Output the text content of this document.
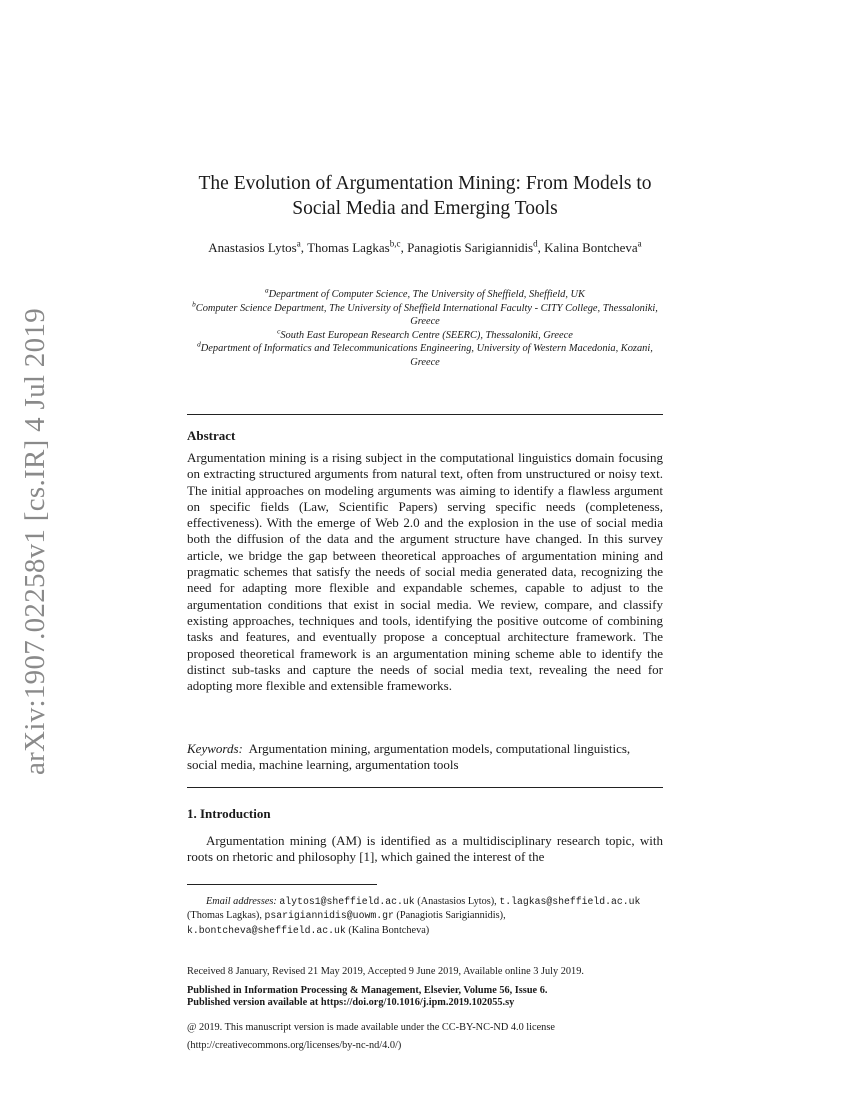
arXiv:1907.02258v1 [cs.IR] 4 Jul 2019
The Evolution of Argumentation Mining: From Models to Social Media and Emerging Tools
Anastasios Lytos$^a$, Thomas Lagkas$^{b,c}$, Panagiotis Sarigiannidis$^d$, Kalina Bontcheva$^a$
$^a$Department of Computer Science, The University of Sheffield, Sheffield, UK
$^b$Computer Science Department, The University of Sheffield International Faculty - CITY College, Thessaloniki, Greece
$^c$South East European Research Centre (SEERC), Thessaloniki, Greece
$^d$Department of Informatics and Telecommunications Engineering, University of Western Macedonia, Kozani, Greece
Abstract
Argumentation mining is a rising subject in the computational linguistics domain focusing on extracting structured arguments from natural text, often from unstructured or noisy text. The initial approaches on modeling arguments was aiming to identify a flawless argument on specific fields (Law, Scientific Papers) serving specific needs (completeness, effectiveness). With the emerge of Web 2.0 and the explosion in the use of social media both the diffusion of the data and the argument structure have changed. In this survey article, we bridge the gap between theoretical approaches of argumentation mining and pragmatic schemes that satisfy the needs of social media generated data, recognizing the need for adapting more flexible and expandable schemes, capable to adjust to the argumentation conditions that exist in social media. We review, compare, and classify existing approaches, techniques and tools, identifying the positive outcome of combining tasks and features, and eventually propose a conceptual architecture framework. The proposed theoretical framework is an argumentation mining scheme able to identify the distinct sub-tasks and capture the needs of social media text, revealing the need for adopting more flexible and extensible frameworks.
Keywords: Argumentation mining, argumentation models, computational linguistics, social media, machine learning, argumentation tools
1. Introduction
Argumentation mining (AM) is identified as a multidisciplinary research topic, with roots on rhetoric and philosophy [1], which gained the interest of the
Email addresses: alytos1@sheffield.ac.uk (Anastasios Lytos), t.lagkas@sheffield.ac.uk (Thomas Lagkas), psarigiannidis@uowm.gr (Panagiotis Sarigiannidis), k.bontcheva@sheffield.ac.uk (Kalina Bontcheva)
Received 8 January, Revised 21 May 2019, Accepted 9 June 2019, Available online 3 July 2019.
Published in Information Processing & Management, Elsevier, Volume 56, Issue 6.
Published version available at https://doi.org/10.1016/j.ipm.2019.102055.sy
@ 2019. This manuscript version is made available under the CC-BY-NC-ND 4.0 license
(http://creativecommons.org/licenses/by-nc-nd/4.0/)
